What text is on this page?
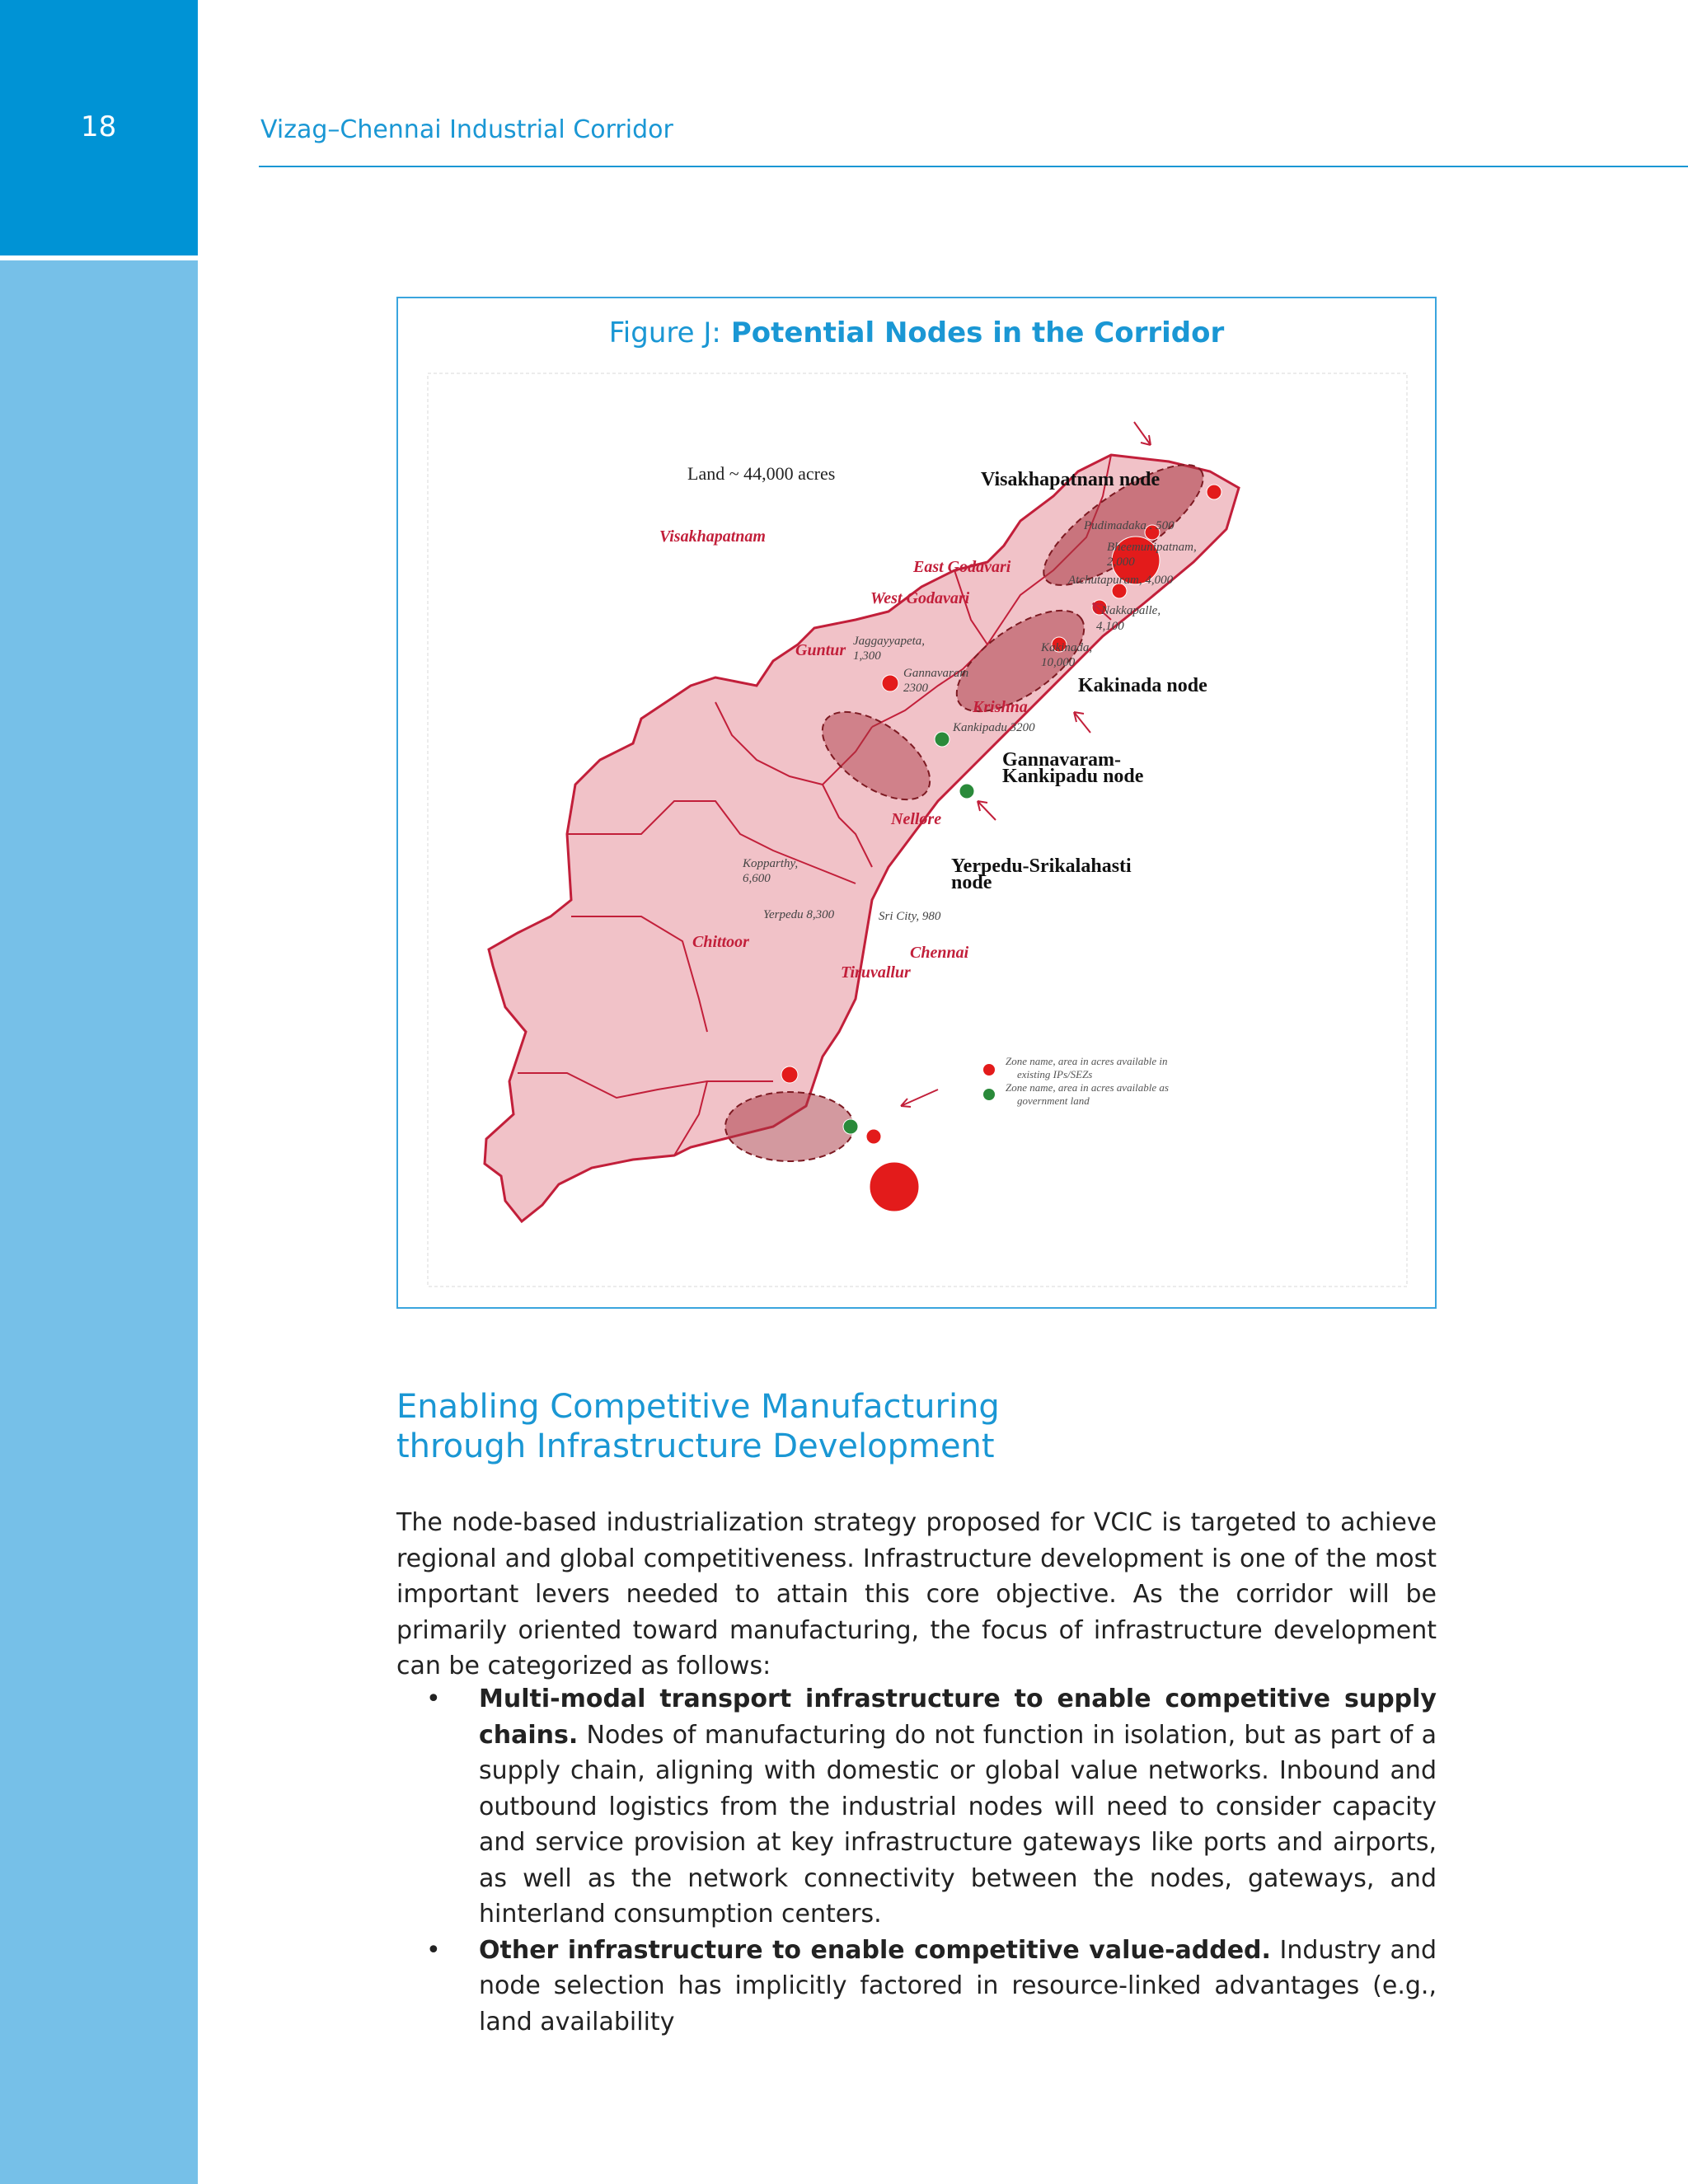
18	Vizag–Chennai Industrial Corridor
Figure J: Potential Nodes in the Corridor
Visakhapatnam
East Godavari
West Godavari
Guntur
Krishna
Nellore
Chittoor
Tiruvallur
Land ~ 44,000 acres	Visakhapatnam node
Kakinada node
Gannavaram-
Kankipadu node
Yerpedu-Srikalahasti
node
Pudimadaka . 500
Bheemunipatnam,
2,000
Atchutapuram, 4,000
Nakkapalle,
4,100
Kakinada,
10,000
Jaggayyapeta,
1,300
Gannavaram
2300
Kankipadu 3200
Kopparthy,
6,600
Yerpedu 8,300	Sri City, 980
Chennai
Zone name, area in acres available in
existing IPs/SEZs
Zone name, area in acres available as
government land
Enabling Competitive Manufacturing
through Infrastructure Development
The node-based industrialization strategy proposed for VCIC is targeted to achieve regional and global competitiveness. Infrastructure development is one of the most important levers needed to attain this core objective. As the corridor will be primarily oriented toward manufacturing, the focus of infrastructure development can be categorized as follows:
• Multi-modal transport infrastructure to enable competitive supply chains. Nodes of manufacturing do not function in isolation, but as part of a supply chain, aligning with domestic or global value networks. Inbound and outbound logistics from the industrial nodes will need to consider capacity and service provision at key infrastructure gateways like ports and airports, as well as the network connectivity between the nodes, gateways, and hinterland consumption centers.
• Other infrastructure to enable competitive value-added. Industry and node selection has implicitly factored in resource-linked advantages (e.g., land availability
